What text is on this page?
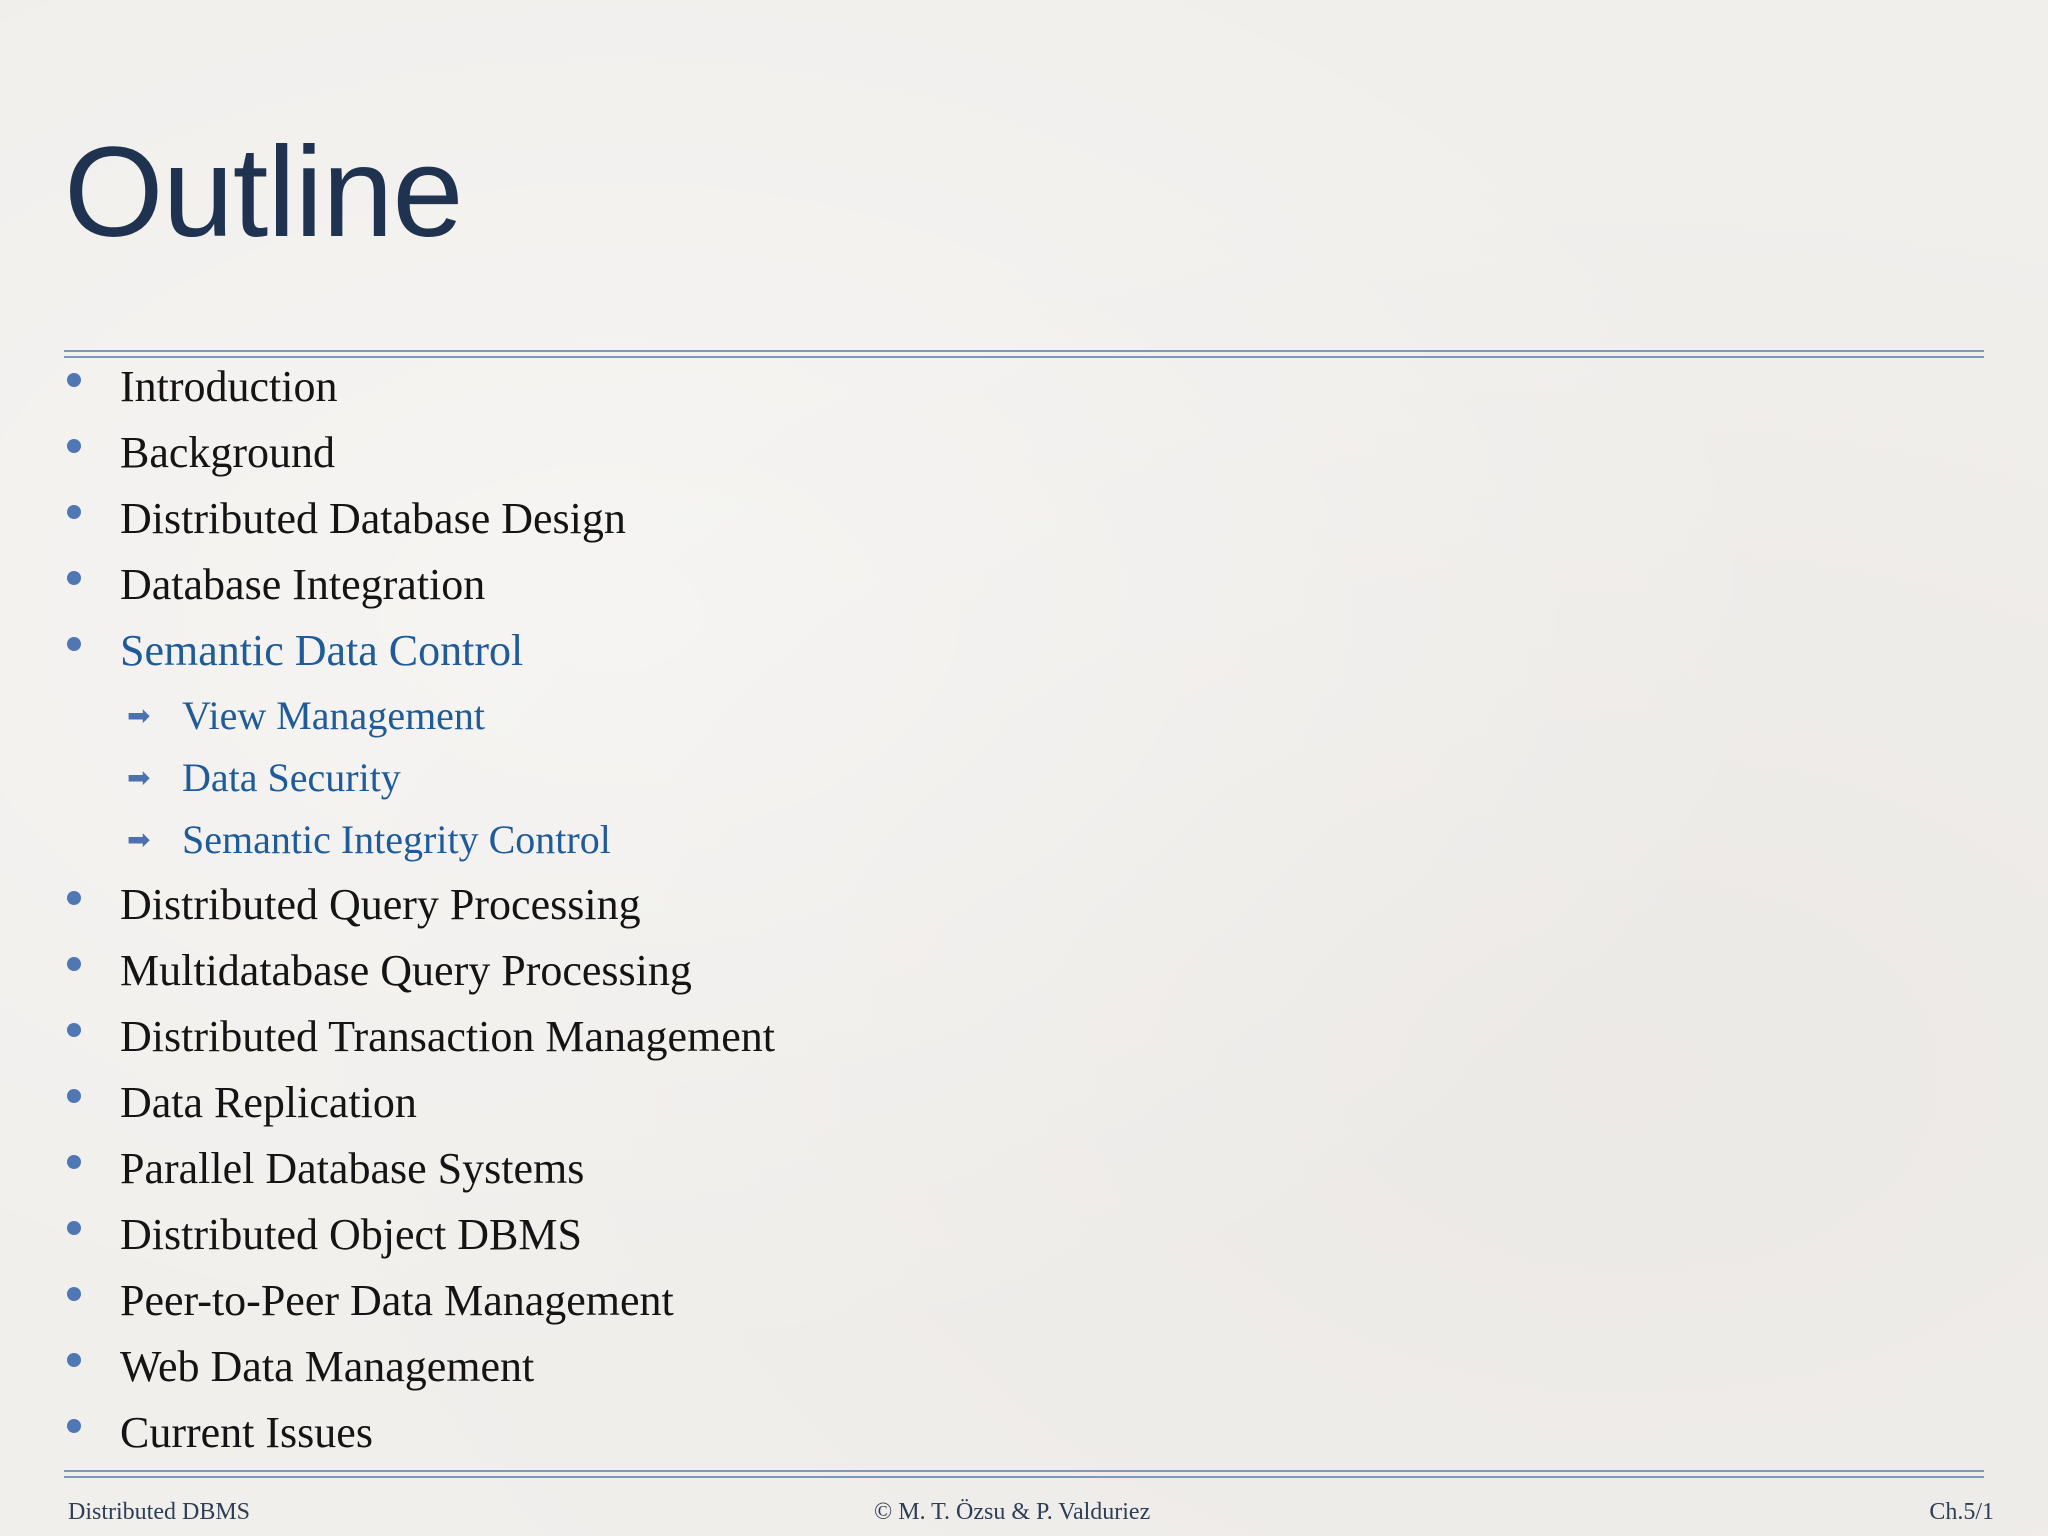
Outline
Introduction
Background
Distributed Database Design
Database Integration
Semantic Data Control
➡ View Management
➡ Data Security
➡ Semantic Integrity Control
Distributed Query Processing
Multidatabase Query Processing
Distributed Transaction Management
Data Replication
Parallel Database Systems
Distributed Object DBMS
Peer-to-Peer Data Management
Web Data Management
Current Issues
Distributed DBMS	© M. T. Özsu & P. Valduriez	Ch.5/1
